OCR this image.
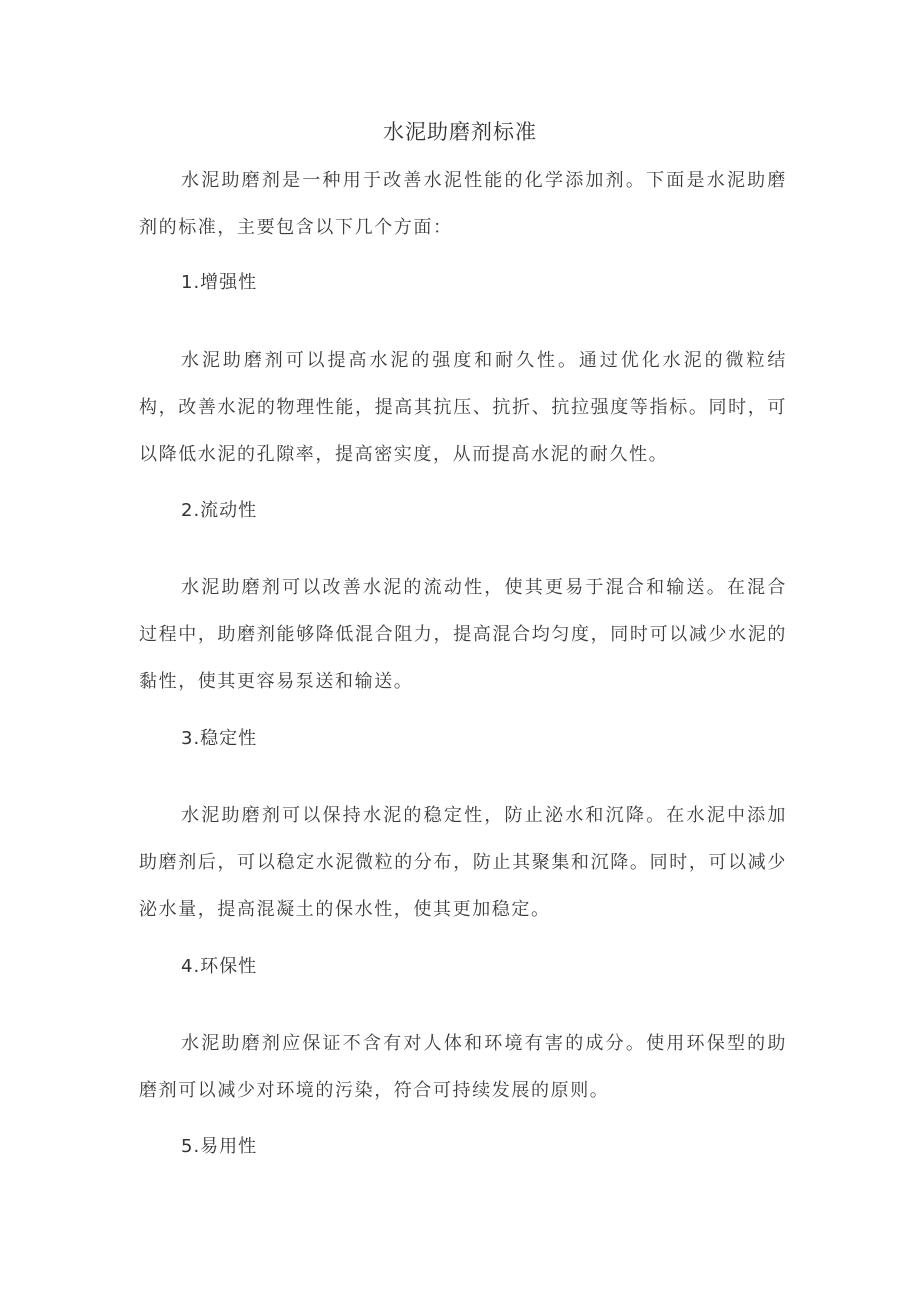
水泥助磨剂标准
水泥助磨剂是一种用于改善水泥性能的化学添加剂。下面是水泥助磨剂的标准，主要包含以下几个方面：
1.增强性
水泥助磨剂可以提高水泥的强度和耐久性。通过优化水泥的微粒结构，改善水泥的物理性能，提高其抗压、抗折、抗拉强度等指标。同时，可以降低水泥的孔隙率，提高密实度，从而提高水泥的耐久性。
2.流动性
水泥助磨剂可以改善水泥的流动性，使其更易于混合和输送。在混合过程中，助磨剂能够降低混合阻力，提高混合均匀度，同时可以减少水泥的黏性，使其更容易泵送和输送。
3.稳定性
水泥助磨剂可以保持水泥的稳定性，防止泌水和沉降。在水泥中添加助磨剂后，可以稳定水泥微粒的分布，防止其聚集和沉降。同时，可以减少泌水量，提高混凝土的保水性，使其更加稳定。
4.环保性
水泥助磨剂应保证不含有对人体和环境有害的成分。使用环保型的助磨剂可以减少对环境的污染，符合可持续发展的原则。
5.易用性
